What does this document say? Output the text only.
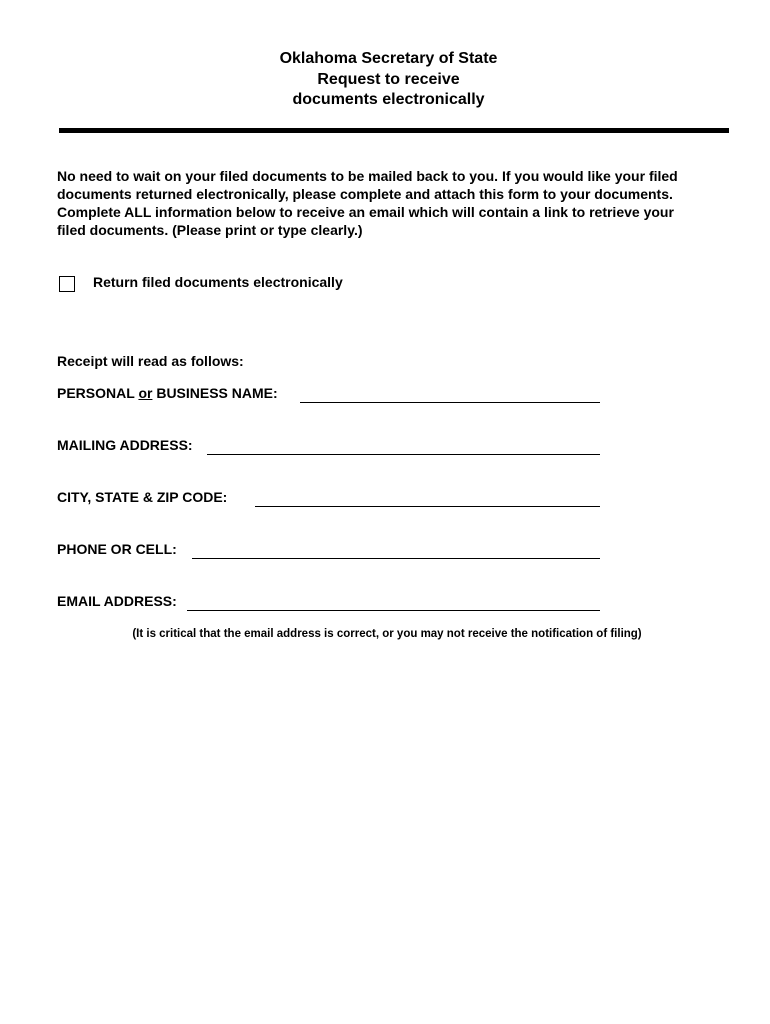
Oklahoma Secretary of State
Request to receive
documents electronically
No need to wait on your filed documents to be mailed back to you. If you would like your filed
documents returned electronically, please complete and attach this form to your documents.
Complete ALL information below to receive an email which will contain a link to retrieve your
filed documents. (Please print or type clearly.)
Return filed documents electronically
Receipt will read as follows:
PERSONAL or BUSINESS NAME:
MAILING ADDRESS:
CITY, STATE & ZIP CODE:
PHONE OR CELL:
EMAIL ADDRESS:
(It is critical that the email address is correct, or you may not receive the notification of filing)
